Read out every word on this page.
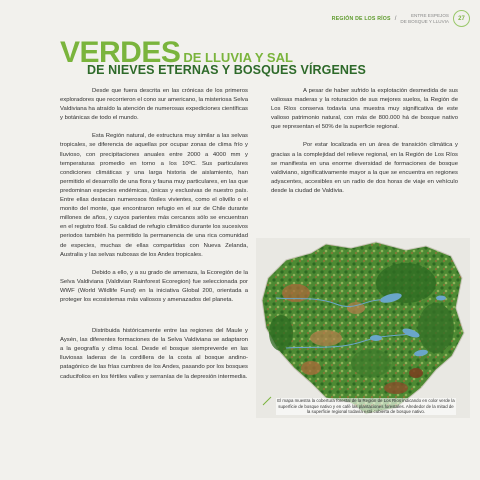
REGIÓN DE LOS RÍOS /	ENTRE ESPEJOS
DE BOSQUE Y LLUVIA	27
VERDES DE LLUVIA Y SAL
DE NIEVES ETERNAS Y BOSQUES VÍRGENES

Desde que fuera descrita en las crónicas de los primeros exploradores que recorrieron el cono sur americano, la misteriosa Selva Valdiviana ha atraído la atención de numerosas expediciones científicas y botánicas de todo el mundo.

Esta Región natural, de estructura muy similar a las selvas tropicales, se diferencia de aquellas por ocupar zonas de clima frío y lluvioso, con precipitaciones anuales entre 2000 a 4000 mm y temperaturas promedio en torno a los 10ºC. Sus particulares condiciones climáticas y una larga historia de aislamiento, han permitido el desarrollo de una flora y fauna muy particulares, en las que predominan especies endémicas, únicas y exclusivas de nuestro país. Entre ellas destacan numerosos fósiles vivientes, como el olivillo o el monito del monte, que encontraron refugio en el sur de Chile durante millones de años, y cuyos parientes más cercanos sólo se encuentran en el registro fósil. Su calidad de refugio climático durante los sucesivos periodos también ha permitido la permanencia de una rica comunidad de especies, muchas de ellas compartidas con Nueva Zelanda, Australia y las selvas nubosas de los Andes tropicales.

Debido a ello, y a su grado de amenaza, la Ecoregión de la Selva Valdiviana (Valdivian Rainforest Ecoregion) fue seleccionada por WWF (World Wildlife Fund) en la iniciativa Global 200, orientada a proteger los ecosistemas más valiosos y amenazados del planeta.

Distribuida históricamente entre las regiones del Maule y Aysén, las diferentes formaciones de la Selva Valdiviana se adaptaron a la geografía y clima local. Desde el bosque siempreverde en las lluviosas laderas de la cordillera de la costa al bosque andino-patagónico de las frías cumbres de los Andes, pasando por los bosques caducifolios en los fértiles valles y serranías de la depresión intermedia.

A pesar de haber sufrido la explotación desmedida de sus valiosas maderas y la roturación de sus mejores suelos, la Región de Los Ríos conserva todavía una muestra muy significativa de este valioso patrimonio natural, con más de 800.000 há de bosque nativo que representan el 50% de la superficie regional.

Por estar localizada en un área de transición climática y gracias a la complejidad del relieve regional, en la Región de Los Ríos se manifiesta en una enorme diversidad de formaciones de bosque valdiviano, significativamente mayor a la que se encuentra en regiones adyacentes, accesibles en un radio de dos horas de viaje en vehículo desde la ciudad de Valdivia.

El mapa muestra la cobertura forestal de la Región de Los Ríos indicando en color verde la superficie de bosque nativo y en café las plantaciones forestales. Alrededor de la mitad de la superficie regional todavía está cubierta de bosque nativo.
